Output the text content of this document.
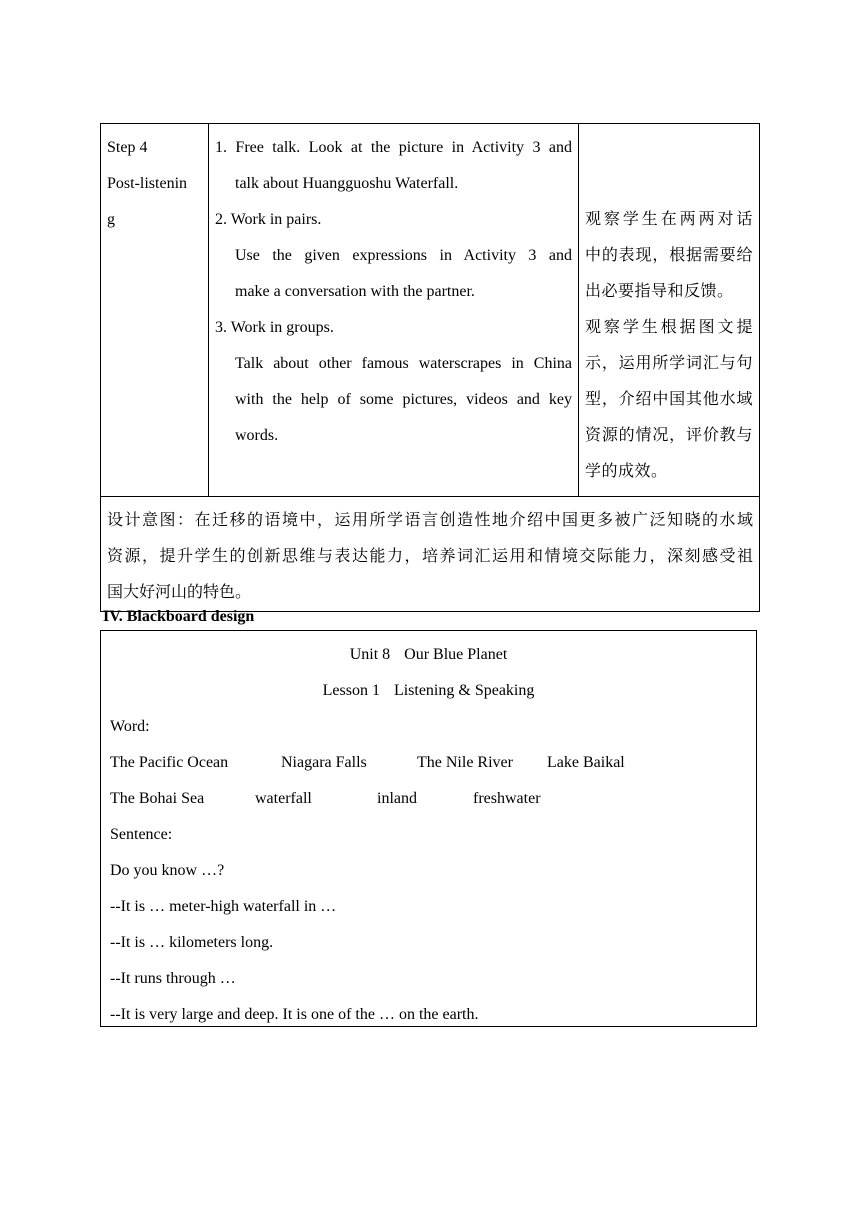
Step 4
Post-listenin
g

1. Free talk. Look at the picture in Activity 3 and
talk about Huangguoshu Waterfall.
2. Work in pairs.
Use the given expressions in Activity 3 and
make a conversation with the partner.
3. Work in groups.
Talk about other famous waterscrapes in China
with the help of some pictures, videos and key
words.

观察学生在两两对话
中的表现，根据需要给
出必要指导和反馈。
观察学生根据图文提
示，运用所学词汇与句
型，介绍中国其他水域
资源的情况，评价教与
学的成效。

设计意图：在迁移的语境中，运用所学语言创造性地介绍中国更多被广泛知晓的水域
资源，提升学生的创新思维与表达能力，培养词汇运用和情境交际能力，深刻感受祖
国大好河山的特色。
IV. Blackboard design
Unit 8 Our Blue Planet
Lesson 1 Listening & Speaking
Word:
The Pacific Ocean	Niagara Falls	The Nile River Lake Baikal
The Bohai Sea	waterfall	inland	freshwater
Sentence:
Do you know …?
--It is … meter-high waterfall in …
--It is … kilometers long.
--It runs through …
--It is very large and deep. It is one of the … on the earth.
